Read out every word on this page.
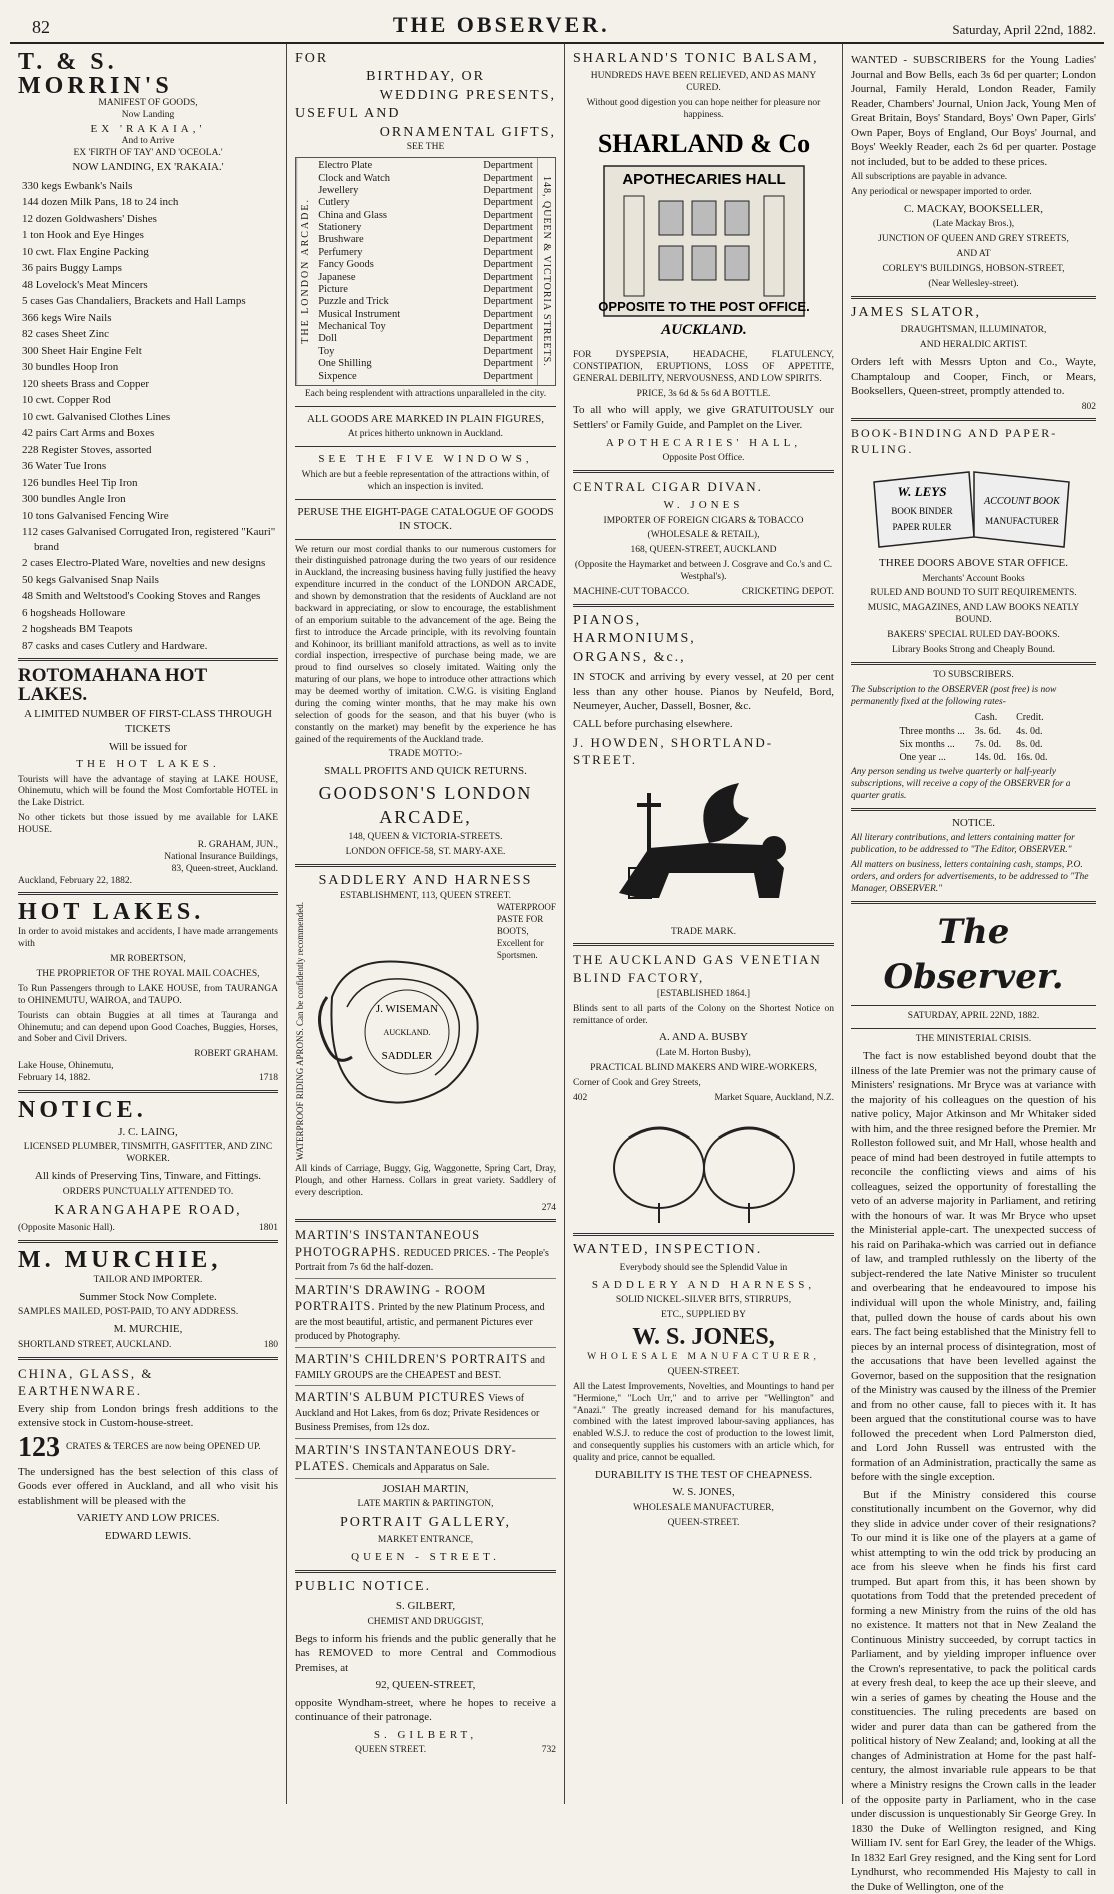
82	THE OBSERVER.	Saturday, April 22nd, 1882.
T. & S. MORRIN'S
MANIFEST OF GOODS,
Now Landing
EX 'RAKAIA,'
And to Arrive
EX 'FIRTH OF TAY' AND 'OCEOLA.'
NOW LANDING, EX 'RAKAIA.'
330 kegs Ewbank's Nails
144 dozen Milk Pans, 18 to 24 inch
12 dozen Goldwashers' Dishes
1 ton Hook and Eye Hinges
10 cwt. Flax Engine Packing
36 pairs Buggy Lamps
48 Lovelock's Meat Mincers
5 cases Gas Chandaliers, Brackets and Hall Lamps
366 kegs Wire Nails
82 cases Sheet Zinc
300 Sheet Hair Engine Felt
30 bundles Hoop Iron
120 sheets Brass and Copper
10 cwt. Copper Rod
10 cwt. Galvanised Clothes Lines
42 pairs Cart Arms and Boxes
228 Register Stoves, assorted
36 Water Tue Irons
126 bundles Heel Tip Iron
300 bundles Angle Iron
10 tons Galvanised Fencing Wire
112 cases Galvanised Corrugated Iron, registered "Kauri" brand
2 cases Electro-Plated Ware, novelties and new designs
50 kegs Galvanised Snap Nails
48 Smith and Weltstood's Cooking Stoves and Ranges
6 hogsheads Holloware
2 hogsheads BM Teapots
87 casks and cases Cutlery and Hardware.
ROTOMAHANA HOT LAKES.

A LIMITED NUMBER OF FIRST-CLASS THROUGH TICKETS

Will be issued for

THE HOT LAKES.

Tourists will have the advantage of staying at LAKE HOUSE, Ohinemutu, which will be found the Most Comfortable HOTEL in the Lake District.

No other tickets but those issued by me available for LAKE HOUSE.

R. GRAHAM, JUN.,
National Insurance Buildings,
83, Queen-street, Auckland.
Auckland, February 22, 1882.
HOT LAKES.

In order to avoid mistakes and accidents, I have made arrangements with

MR ROBERTSON,

THE PROPRIETOR OF THE ROYAL MAIL COACHES,

To Run Passengers through to LAKE HOUSE, from TAURANGA to OHINEMUTU, WAIROA, and TAUPO.

Tourists can obtain Buggies at all times at Tauranga and Ohinemutu; and can depend upon Good Coaches, Buggies, Horses, and Sober and Civil Drivers.

ROBERT GRAHAM.
Lake House, Ohinemutu,
February 14, 1882.	1718
NOTICE.

J. C. LAING,

LICENSED PLUMBER, TINSMITH, GASFITTER, AND ZINC WORKER.

All kinds of Preserving Tins, Tinware, and Fittings.

ORDERS PUNCTUALLY ATTENDED TO.

KARANGAHAPE ROAD,

(Opposite Masonic Hall).	1801
M. MURCHIE,

TAILOR AND IMPORTER.

Summer Stock Now Complete.

SAMPLES MAILED, POST-PAID, TO ANY ADDRESS.

M. MURCHIE,

SHORTLAND STREET, AUCKLAND.	180
CHINA, GLASS, & EARTHENWARE.

Every ship from London brings fresh additions to the extensive stock in Custom-house-street.

123 CRATES & TERCES are now being OPENED UP.

The undersigned has the best selection of this class of Goods ever offered in Auckland, and all who visit his establishment will be pleased with the

VARIETY AND LOW PRICES.

EDWARD LEWIS.

FOR
BIRTHDAY, OR
WEDDING PRESENTS,
USEFUL AND
ORNAMENTAL GIFTS,
SEE THE
THE LONDON ARCADE.
Electro Plate	Department
Clock and Watch	Department
Jewellery	Department
Cutlery	Department
China and Glass	Department
Stationery	Department
Brushware	Department
Perfumery	Department
Fancy Goods	Department
Japanese	Department
Picture	Department
Puzzle and Trick	Department
Musical Instrument	Department
Mechanical Toy	Department
Doll	Department
Toy	Department
One Shilling	Department
Sixpence	Department
148, QUEEN & VICTORIA STREETS.

Each being resplendent with attractions unparalleled in the city.

ALL GOODS ARE MARKED IN PLAIN FIGURES,

At prices hitherto unknown in Auckland.

SEE THE FIVE WINDOWS,

Which are but a feeble representation of the attractions within, of which an inspection is invited.

PERUSE THE EIGHT-PAGE CATALOGUE OF GOODS IN STOCK.

We return our most cordial thanks to our numerous customers for their distinguished patronage during the two years of our residence in Auckland, the increasing business having fully justified the heavy expenditure incurred in the conduct of the LONDON ARCADE, and shown by demonstration that the residents of Auckland are not backward in appreciating, or slow to encourage, the establishment of an emporium suitable to the advancement of the age. Being the first to introduce the Arcade principle, with its revolving fountain and Kohinoor, its brilliant manifold attractions, as well as to invite cordial inspection, irrespective of purchase being made, we are proud to find ourselves so closely imitated. Waiting only the maturing of our plans, we hope to introduce other attractions which may be deemed worthy of imitation. C.W.G. is visiting England during the coming winter months, that he may make his own selection of goods for the season, and that his buyer (who is constantly on the market) may benefit by the experience he has gained of the requirements of the Auckland trade.

TRADE MOTTO:-

SMALL PROFITS AND QUICK RETURNS.

GOODSON'S LONDON ARCADE,

148, QUEEN & VICTORIA-STREETS.

LONDON OFFICE-58, ST. MARY-AXE.

SADDLERY AND HARNESS
ESTABLISHMENT, 113, QUEEN STREET.
WATERPROOF RIDING APRONS. Can be confidently recommended.	J. WISEMAN
AUCKLAND.
SADDLER
WATERPROOF PASTE FOR BOOTS, Excellent for Sportsmen.

All kinds of Carriage, Buggy, Gig, Waggonette, Spring Cart, Dray, Plough, and other Harness. Collars in great variety. Saddlery of every description.

274
MARTIN'S INSTANTANEOUS PHOTOGRAPHS. REDUCED PRICES. - The People's Portrait from 7s 6d the half-dozen.
MARTIN'S DRAWING - ROOM PORTRAITS. Printed by the new Platinum Process, and are the most beautiful, artistic, and permanent Pictures ever produced by Photography.
MARTIN'S CHILDREN'S PORTRAITS and FAMILY GROUPS are the CHEAPEST and BEST.
MARTIN'S ALBUM PICTURES Views of Auckland and Hot Lakes, from 6s doz; Private Residences or Business Premises, from 12s doz.
MARTIN'S INSTANTANEOUS DRY-PLATES. Chemicals and Apparatus on Sale.

JOSIAH MARTIN,

LATE MARTIN & PARTINGTON,

PORTRAIT GALLERY,

MARKET ENTRANCE,

QUEEN - STREET.

PUBLIC NOTICE.

S. GILBERT,

CHEMIST AND DRUGGIST,

Begs to inform his friends and the public generally that he has REMOVED to more Central and Commodious Premises, at

92, QUEEN-STREET,

opposite Wyndham-street, where he hopes to receive a continuance of their patronage.

S. GILBERT,

QUEEN STREET.	732
SHARLAND'S TONIC BALSAM,

HUNDREDS HAVE BEEN RELIEVED, AND AS MANY CURED.

Without good digestion you can hope neither for pleasure nor happiness.

SHARLAND & Co
APOTHECARIES HALL
OPPOSITE TO THE POST OFFICE.
AUCKLAND.

FOR DYSPEPSIA, HEADACHE, FLATULENCY, CONSTIPATION, ERUPTIONS, LOSS OF APPETITE, GENERAL DEBILITY, NERVOUSNESS, AND LOW SPIRITS.

PRICE, 3s 6d & 5s 6d A BOTTLE.

To all who will apply, we give GRATUITOUSLY our Settlers' or Family Guide, and Pamplet on the Liver.

APOTHECARIES' HALL,

Opposite Post Office.

CENTRAL CIGAR DIVAN.

W. JONES

IMPORTER OF FOREIGN CIGARS & TOBACCO

(WHOLESALE & RETAIL),

168, QUEEN-STREET, AUCKLAND

(Opposite the Haymarket and between J. Cosgrave and Co.'s and C. Westphal's).

MACHINE-CUT TOBACCO.	CRICKETING DEPOT.
PIANOS,
HARMONIUMS,
ORGANS, &c.,

IN STOCK and arriving by every vessel, at 20 per cent less than any other house. Pianos by Neufeld, Bord, Neumeyer, Aucher, Dassell, Bosner, &c.

CALL before purchasing elsewhere.

J. HOWDEN, SHORTLAND-STREET.

TRADE MARK.
THE AUCKLAND GAS VENETIAN BLIND FACTORY,

[ESTABLISHED 1864.]

Blinds sent to all parts of the Colony on the Shortest Notice on remittance of order.

A. AND A. BUSBY

(Late M. Horton Busby),

PRACTICAL BLIND MAKERS AND WIRE-WORKERS,

Corner of Cook and Grey Streets,

402	Market Square, Auckland, N.Z.
WANTED, INSPECTION.

Everybody should see the Splendid Value in

SADDLERY AND HARNESS,

SOLID NICKEL-SILVER BITS, STIRRUPS,

ETC., SUPPLIED BY

W. S. JONES,

WHOLESALE MANUFACTURER,

QUEEN-STREET.

All the Latest Improvements, Novelties, and Mountings to hand per "Hermione," "Loch Urr," and to arrive per "Wellington" and "Anazi." The greatly increased demand for his manufactures, combined with the latest improved labour-saving appliances, has enabled W.S.J. to reduce the cost of production to the lowest limit, and consequently supplies his customers with an article which, for quality and price, cannot be equalled.

DURABILITY IS THE TEST OF CHEAPNESS.

W. S. JONES,

WHOLESALE MANUFACTURER,

QUEEN-STREET.

WANTED - SUBSCRIBERS for the Young Ladies' Journal and Bow Bells, each 3s 6d per quarter; London Journal, Family Herald, London Reader, Family Reader, Chambers' Journal, Union Jack, Young Men of Great Britain, Boys' Standard, Boys' Own Paper, Girls' Own Paper, Boys of England, Our Boys' Journal, and Boys' Weekly Reader, each 2s 6d per quarter. Postage not included, but to be added to these prices.

All subscriptions are payable in advance.

Any periodical or newspaper imported to order.

C. MACKAY, BOOKSELLER,

(Late Mackay Bros.),

JUNCTION OF QUEEN AND GREY STREETS,

AND AT

CORLEY'S BUILDINGS, HOBSON-STREET,

(Near Wellesley-street).

JAMES SLATOR,

DRAUGHTSMAN, ILLUMINATOR,

AND HERALDIC ARTIST.

Orders left with Messrs Upton and Co., Wayte, Champtaloup and Cooper, Finch, or Mears, Booksellers, Queen-street, promptly attended to.

802
BOOK-BINDING AND PAPER-RULING.
W. LEYS
BOOK BINDER
PAPER RULER
ACCOUNT BOOK
MANUFACTURER

THREE DOORS ABOVE STAR OFFICE.

Merchants' Account Books

RULED AND BOUND TO SUIT REQUIREMENTS.

MUSIC, MAGAZINES, AND LAW BOOKS NEATLY BOUND.

BAKERS' SPECIAL RULED DAY-BOOKS.

Library Books Strong and Cheaply Bound.

TO SUBSCRIBERS.

The Subscription to the OBSERVER (post free) is now permanently fixed at the following rates-

	Cash.	Credit.
Three months ...	3s. 6d.	4s. 0d.
Six months ...	7s. 0d.	8s. 0d.
One year ...	14s. 0d.	16s. 0d.

Any person sending us twelve quarterly or half-yearly subscriptions, will receive a copy of the OBSERVER for a quarter gratis.

NOTICE.

All literary contributions, and letters containing matter for publication, to be addressed to "The Editor, OBSERVER."

All matters on business, letters containing cash, stamps, P.O. orders, and orders for advertisements, to be addressed to "The Manager, OBSERVER."

The Observer.
SATURDAY, APRIL 22ND, 1882.
THE MINISTERIAL CRISIS.

The fact is now established beyond doubt that the illness of the late Premier was not the primary cause of Ministers' resignations. Mr Bryce was at variance with the majority of his colleagues on the question of his native policy, Major Atkinson and Mr Whitaker sided with him, and the three resigned before the Premier. Mr Rolleston followed suit, and Mr Hall, whose health and peace of mind had been destroyed in futile attempts to reconcile the conflicting views and aims of his colleagues, seized the opportunity of forestalling the veto of an adverse majority in Parliament, and retiring with the honours of war. It was Mr Bryce who upset the Ministerial apple-cart. The unexpected success of his raid on Parihaka-which was carried out in defiance of law, and trampled ruthlessly on the liberty of the subject-rendered the late Native Minister so truculent and overbearing that he endeavoured to impose his individual will upon the whole Ministry, and, failing that, pulled down the house of cards about his own ears. The fact being established that the Ministry fell to pieces by an internal process of disintegration, most of the accusations that have been levelled against the Governor, based on the supposition that the resignation of the Ministry was caused by the illness of the Premier and from no other cause, fall to pieces with it. It has been argued that the constitutional course was to have followed the precedent when Lord Palmerston died, and Lord John Russell was entrusted with the formation of an Administration, practically the same as before with the single exception.

But if the Ministry considered this course constitutionally incumbent on the Governor, why did they slide in advice under cover of their resignations? To our mind it is like one of the players at a game of whist attempting to win the odd trick by producing an ace from his sleeve when he finds his first card trumped. But apart from this, it has been shown by quotations from Todd that the pretended precedent of forming a new Ministry from the ruins of the old has no existence. It matters not that in New Zealand the Continuous Ministry succeeded, by corrupt tactics in Parliament, and by yielding improper influence over the Crown's representative, to pack the political cards at every fresh deal, to keep the ace up their sleeve, and win a series of games by cheating the House and the constituencies. The ruling precedents are based on wider and purer data than can be gathered from the political history of New Zealand; and, looking at all the changes of Administration at Home for the past half-century, the almost invariable rule appears to be that where a Ministry resigns the Crown calls in the leader of the opposite party in Parliament, who in the case under discussion is unquestionably Sir George Grey. In 1830 the Duke of Wellington resigned, and King William IV. sent for Earl Grey, the leader of the Whigs. In 1832 Earl Grey resigned, and the King sent for Lord Lyndhurst, who recommended His Majesty to call in the Duke of Wellington, one of the
